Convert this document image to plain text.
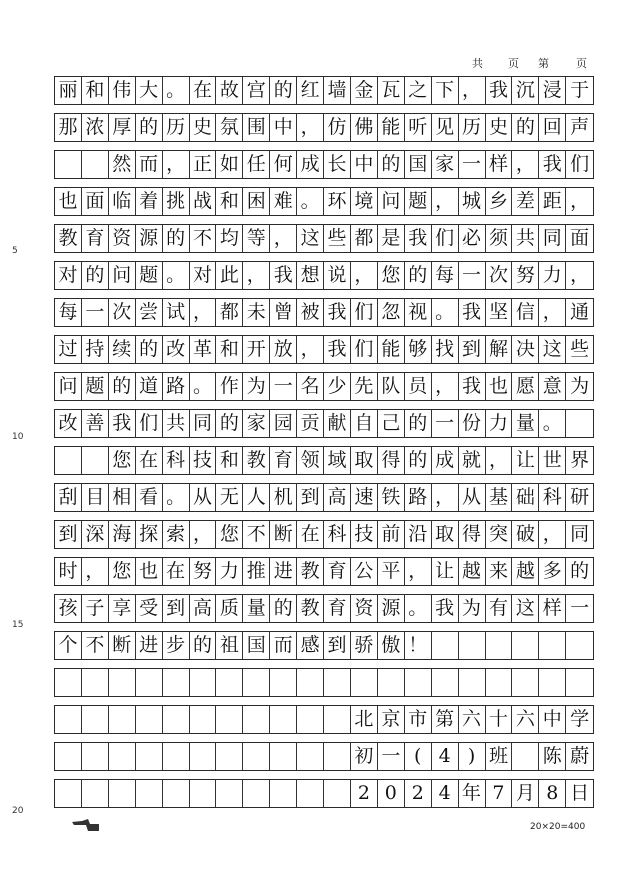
共 页 第 页
丽 和 伟 大 。 在 故 宫 的 红 墙 金 瓦 之 下 ， 我 沉 浸 于
那 浓 厚 的 历 史 氛 围 中 ， 仿 佛 能 听 见 历 史 的 回 声
然 而 ， 正 如 任 何 成 长 中 的 国 家 一 样 ， 我 们
也 面 临 着 挑 战 和 困 难 。 环 境 问 题 ， 城 乡 差 距 ，
教 育 资 源 的 不 均 等 ， 这 些 都 是 我 们 必 须 共 同 面
对 的 问 题 。 对 此 ， 我 想 说 ， 您 的 每 一 次 努 力 ，
每 一 次 尝 试 ， 都 未 曾 被 我 们 忽 视 。 我 坚 信 ， 通
过 持 续 的 改 革 和 开 放 ， 我 们 能 够 找 到 解 决 这 些
问 题 的 道 路 。 作 为 一 名 少 先 队 员 ， 我 也 愿 意 为
改 善 我 们 共 同 的 家 园 贡 献 自 己 的 一 份 力 量 。
您 在 科 技 和 教 育 领 域 取 得 的 成 就 ， 让 世 界
刮 目 相 看 。 从 无 人 机 到 高 速 铁 路 ， 从 基 础 科 研
到 深 海 探 索 ， 您 不 断 在 科 技 前 沿 取 得 突 破 ， 同
时 ， 您 也 在 努 力 推 进 教 育 公 平 ， 让 越 来 越 多 的
孩 子 享 受 到 高 质 量 的 教 育 资 源 。 我 为 有 这 样 一
个 不 断 进 步 的 祖 国 而 感 到 骄 傲 ！
北 京 市 第 六 十 六 中 学
初 一 ( 4 ) 班 陈 蔚
2 0 2 4 年 7 月 8 日
5
10
15
20
20×20=400
